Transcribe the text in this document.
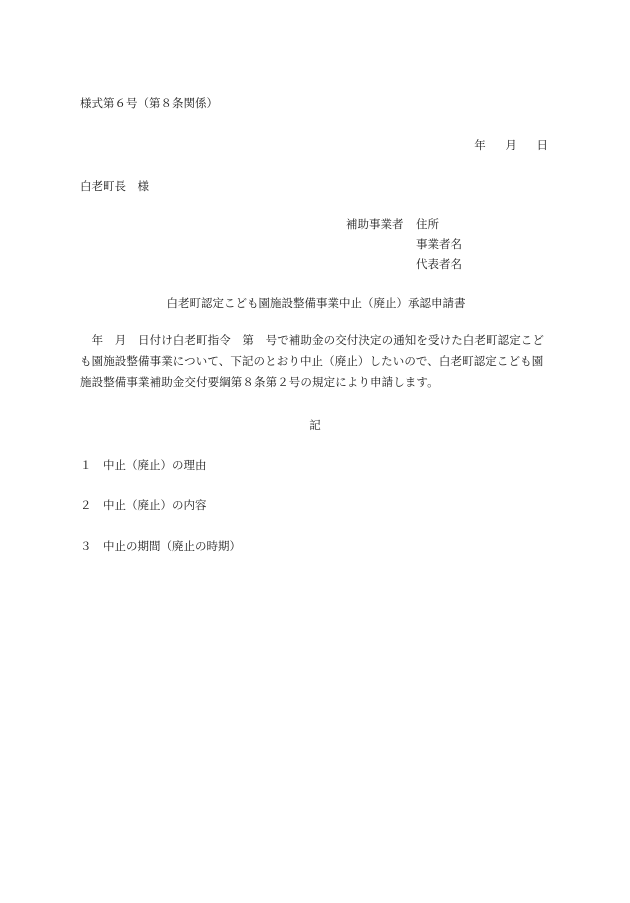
様式第６号（第８条関係）
年 月 日
白老町長　様
補助事業者	住所
事業者名
代表者名
白老町認定こども園施設整備事業中止（廃止）承認申請書
　年　月　日付け白老町指令　第　号で補助金の交付決定の通知を受けた白老町認定こど
も園施設整備事業について、下記のとおり中止（廃止）したいので、白老町認定こども園
施設整備事業補助金交付要綱第８条第２号の規定により申請します。
記
１ 中止（廃止）の理由
２ 中止（廃止）の内容
３ 中止の期間（廃止の時期）
